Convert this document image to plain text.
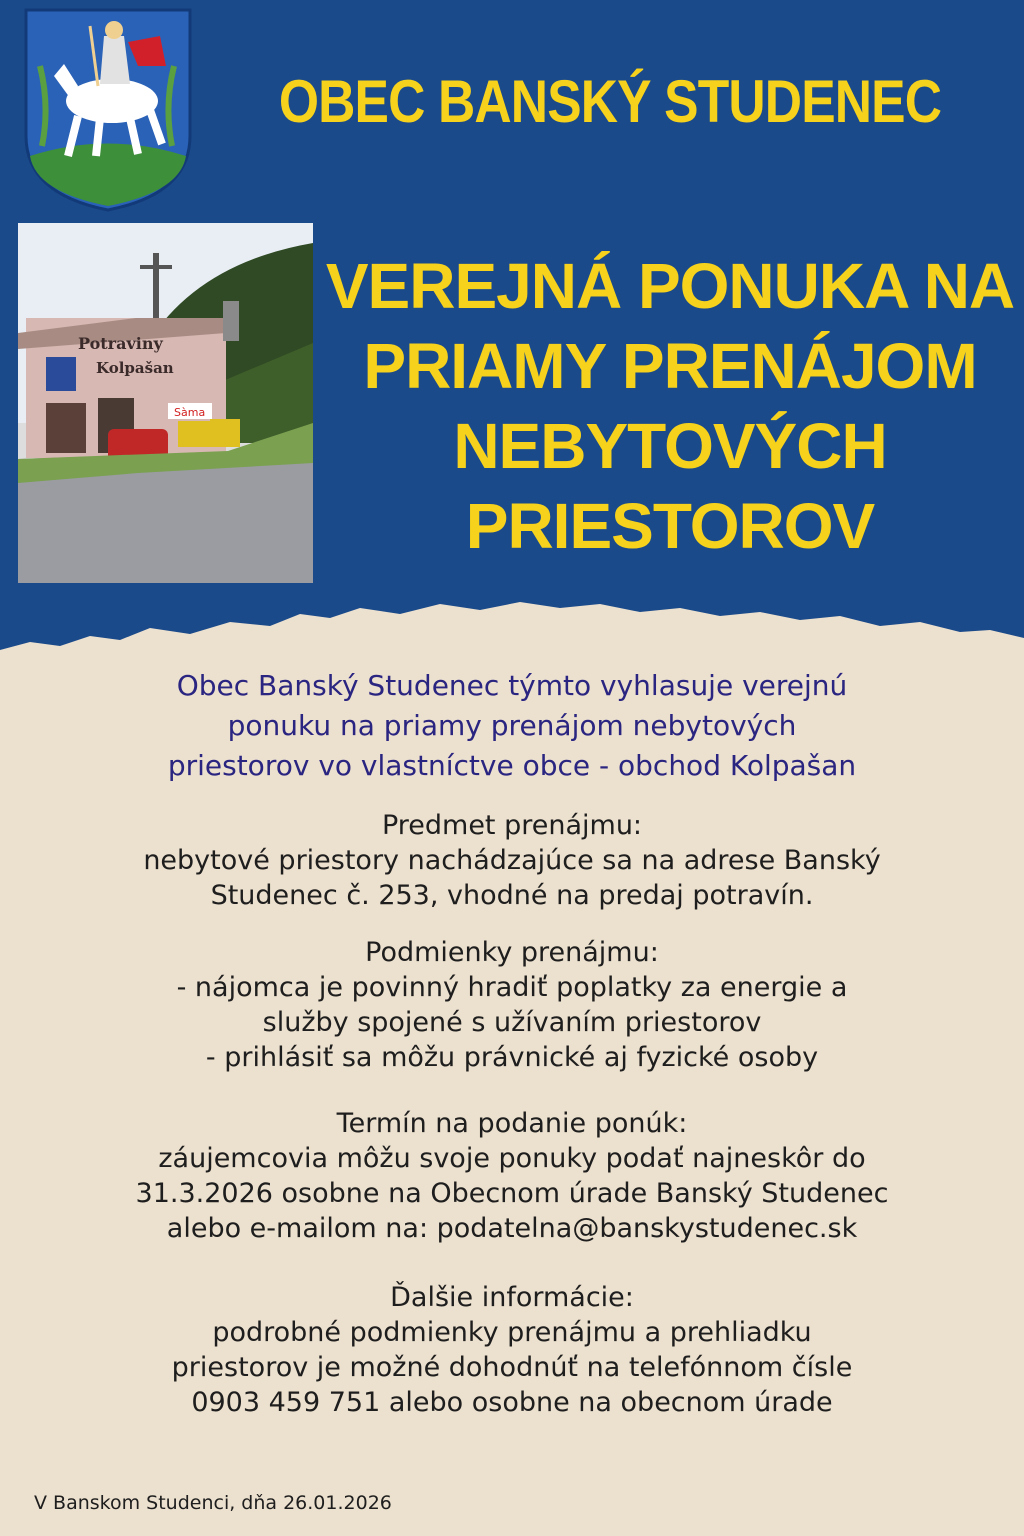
OBEC BANSKÝ STUDENEC
Potraviny
Kolpašan
Sàma
VEREJNÁ PONUKA NA
PRIAMY PRENÁJOM
NEBYTOVÝCH
PRIESTOROV
Obec Banský Studenec týmto vyhlasuje verejnú
ponuku na priamy prenájom nebytových
priestorov vo vlastníctve obce - obchod Kolpašan
Predmet prenájmu:
nebytové priestory nachádzajúce sa na adrese Banský
Studenec č. 253, vhodné na predaj potravín.
Podmienky prenájmu:
- nájomca je povinný hradiť poplatky za energie a
služby spojené s užívaním priestorov
- prihlásiť sa môžu právnické aj fyzické osoby
Termín na podanie ponúk:
záujemcovia môžu svoje ponuky podať najneskôr do
31.3.2026 osobne na Obecnom úrade Banský Studenec
alebo e-mailom na: podatelna@banskystudenec.sk
Ďalšie informácie:
podrobné podmienky prenájmu a prehliadku
priestorov je možné dohodnúť na telefónnom čísle
0903 459 751 alebo osobne na obecnom úrade

V Banskom Studenci, dňa 26.01.2026
